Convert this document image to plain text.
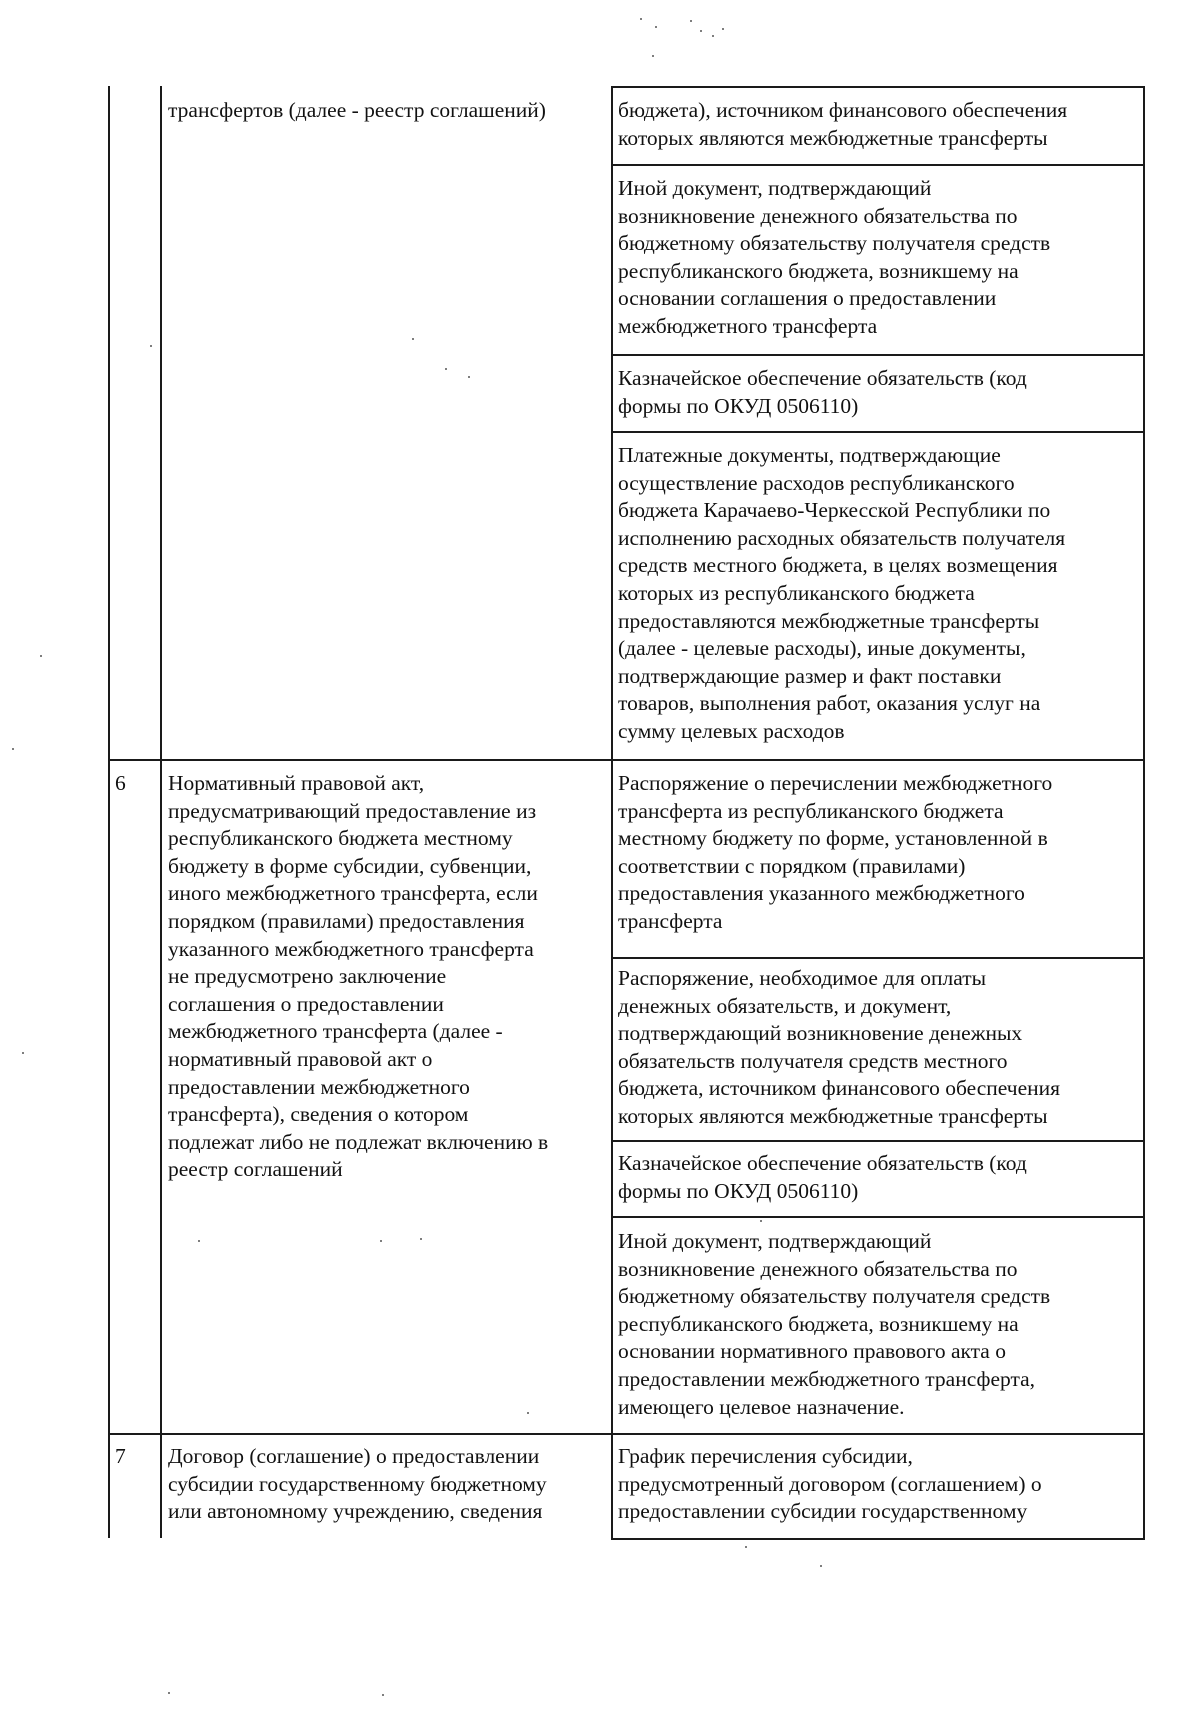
трансфертов (далее - реестр соглашений)	бюджета), источником финансового обеспечения
которых являются межбюджетные трансферты
Иной документ, подтверждающий
возникновение денежного обязательства по
бюджетному обязательству получателя средств
республиканского бюджета, возникшему на
основании соглашения о предоставлении
межбюджетного трансферта
Казначейское обеспечение обязательств (код
формы по ОКУД 0506110)
Платежные документы, подтверждающие
осуществление расходов республиканского
бюджета Карачаево-Черкесской Республики по
исполнению расходных обязательств получателя
средств местного бюджета, в целях возмещения
которых из республиканского бюджета
предоставляются межбюджетные трансферты
(далее - целевые расходы), иные документы,
подтверждающие размер и факт поставки
товаров, выполнения работ, оказания услуг на
сумму целевых расходов
6 Нормативный правовой акт,
предусматривающий предоставление из
республиканского бюджета местному
бюджету в форме субсидии, субвенции,
иного межбюджетного трансферта, если
порядком (правилами) предоставления
указанного межбюджетного трансферта
не предусмотрено заключение
соглашения о предоставлении
межбюджетного трансферта (далее -
нормативный правовой акт о
предоставлении межбюджетного
трансферта), сведения о котором
подлежат либо не подлежат включению в
реестр соглашений
Распоряжение о перечислении межбюджетного
трансферта из республиканского бюджета
местному бюджету по форме, установленной в
соответствии с порядком (правилами)
предоставления указанного межбюджетного
трансферта
Распоряжение, необходимое для оплаты
денежных обязательств, и документ,
подтверждающий возникновение денежных
обязательств получателя средств местного
бюджета, источником финансового обеспечения
которых являются межбюджетные трансферты
Казначейское обеспечение обязательств (код
формы по ОКУД 0506110)
Иной документ, подтверждающий
возникновение денежного обязательства по
бюджетному обязательству получателя средств
республиканского бюджета, возникшему на
основании нормативного правового акта о
предоставлении межбюджетного трансферта,
имеющего целевое назначение.
7 Договор (соглашение) о предоставлении
субсидии государственному бюджетному
или автономному учреждению, сведения
График перечисления субсидии,
предусмотренный договором (соглашением) о
предоставлении субсидии государственному
